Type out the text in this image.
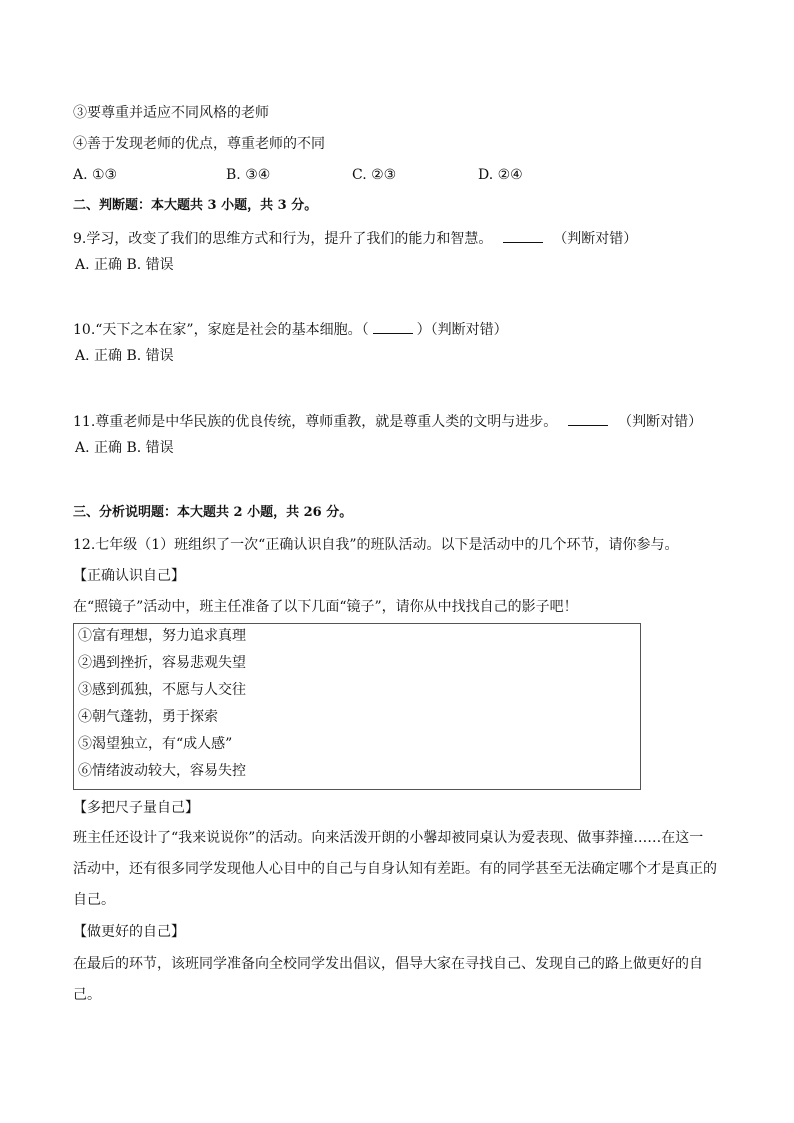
③要尊重并适应不同风格的老师
④善于发现老师的优点，尊重老师的不同
A. ①③	B. ③④	C. ②③	D. ②④
二、判断题：本大题共 3 小题，共 3 分。
9.学习，改变了我们的思维方式和行为，提升了我们的能力和智慧。	（判断对错）
A. 正确 B. 错误
10.“天下之本在家”，家庭是社会的基本细胞。（	）（判断对错）
A. 正确 B. 错误
11.尊重老师是中华民族的优良传统，尊师重教，就是尊重人类的文明与进步。	（判断对错）
A. 正确 B. 错误
三、分析说明题：本大题共 2 小题，共 26 分。
12.七年级（1）班组织了一次“正确认识自我”的班队活动。以下是活动中的几个环节，请你参与。
【正确认识自己】
在“照镜子”活动中，班主任准备了以下几面“镜子”，请你从中找找自己的影子吧！
①富有理想，努力追求真理
②遇到挫折，容易悲观失望
③感到孤独，不愿与人交往
④朝气蓬勃，勇于探索
⑤渴望独立，有“成人感”
⑥情绪波动较大，容易失控
【多把尺子量自己】
班主任还设计了“我来说说你”的活动。向来活泼开朗的小馨却被同桌认为爱表现、做事莽撞……在这一
活动中，还有很多同学发现他人心目中的自己与自身认知有差距。有的同学甚至无法确定哪个才是真正的
自己。
【做更好的自己】
在最后的环节，该班同学准备向全校同学发出倡议，倡导大家在寻找自己、发现自己的路上做更好的自
己。
